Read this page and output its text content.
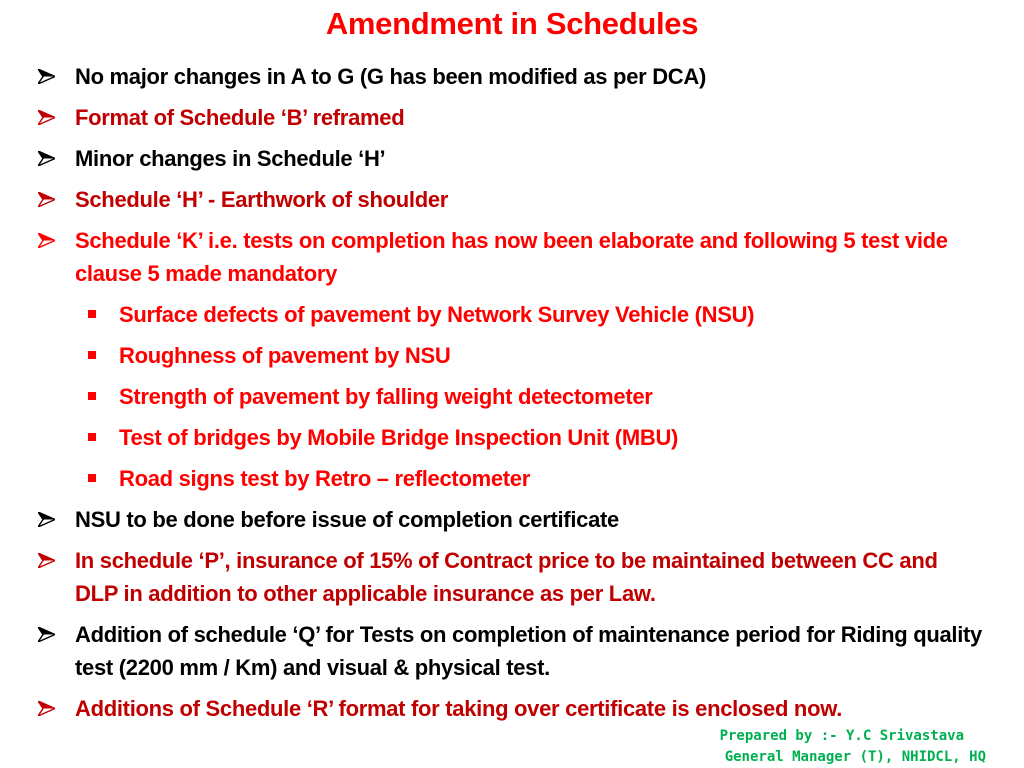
Amendment in Schedules
No major changes in A to G (G has been modified as per DCA)
Format of Schedule ‘B’ reframed
Minor changes in Schedule ‘H’
Schedule ‘H’ - Earthwork of shoulder
Schedule ‘K’ i.e. tests on completion has now been elaborate and following 5 test vide clause 5 made mandatory
Surface defects of pavement by Network Survey Vehicle (NSU)
Roughness of pavement by NSU
Strength of pavement by falling weight detectometer
Test of bridges by Mobile Bridge Inspection Unit (MBU)
Road signs test by Retro – reflectometer
NSU to be done before issue of completion certificate
In schedule ‘P’, insurance of 15% of Contract price to be maintained between CC and DLP in addition to other applicable insurance as per Law.
Addition of schedule ‘Q’ for Tests on completion of maintenance period for Riding quality test (2200 mm / Km) and visual & physical test.
Additions of Schedule ‘R’ format for taking over certificate is enclosed now.
Prepared by :- Y.C Srivastava
General Manager (T), NHIDCL, HQ
